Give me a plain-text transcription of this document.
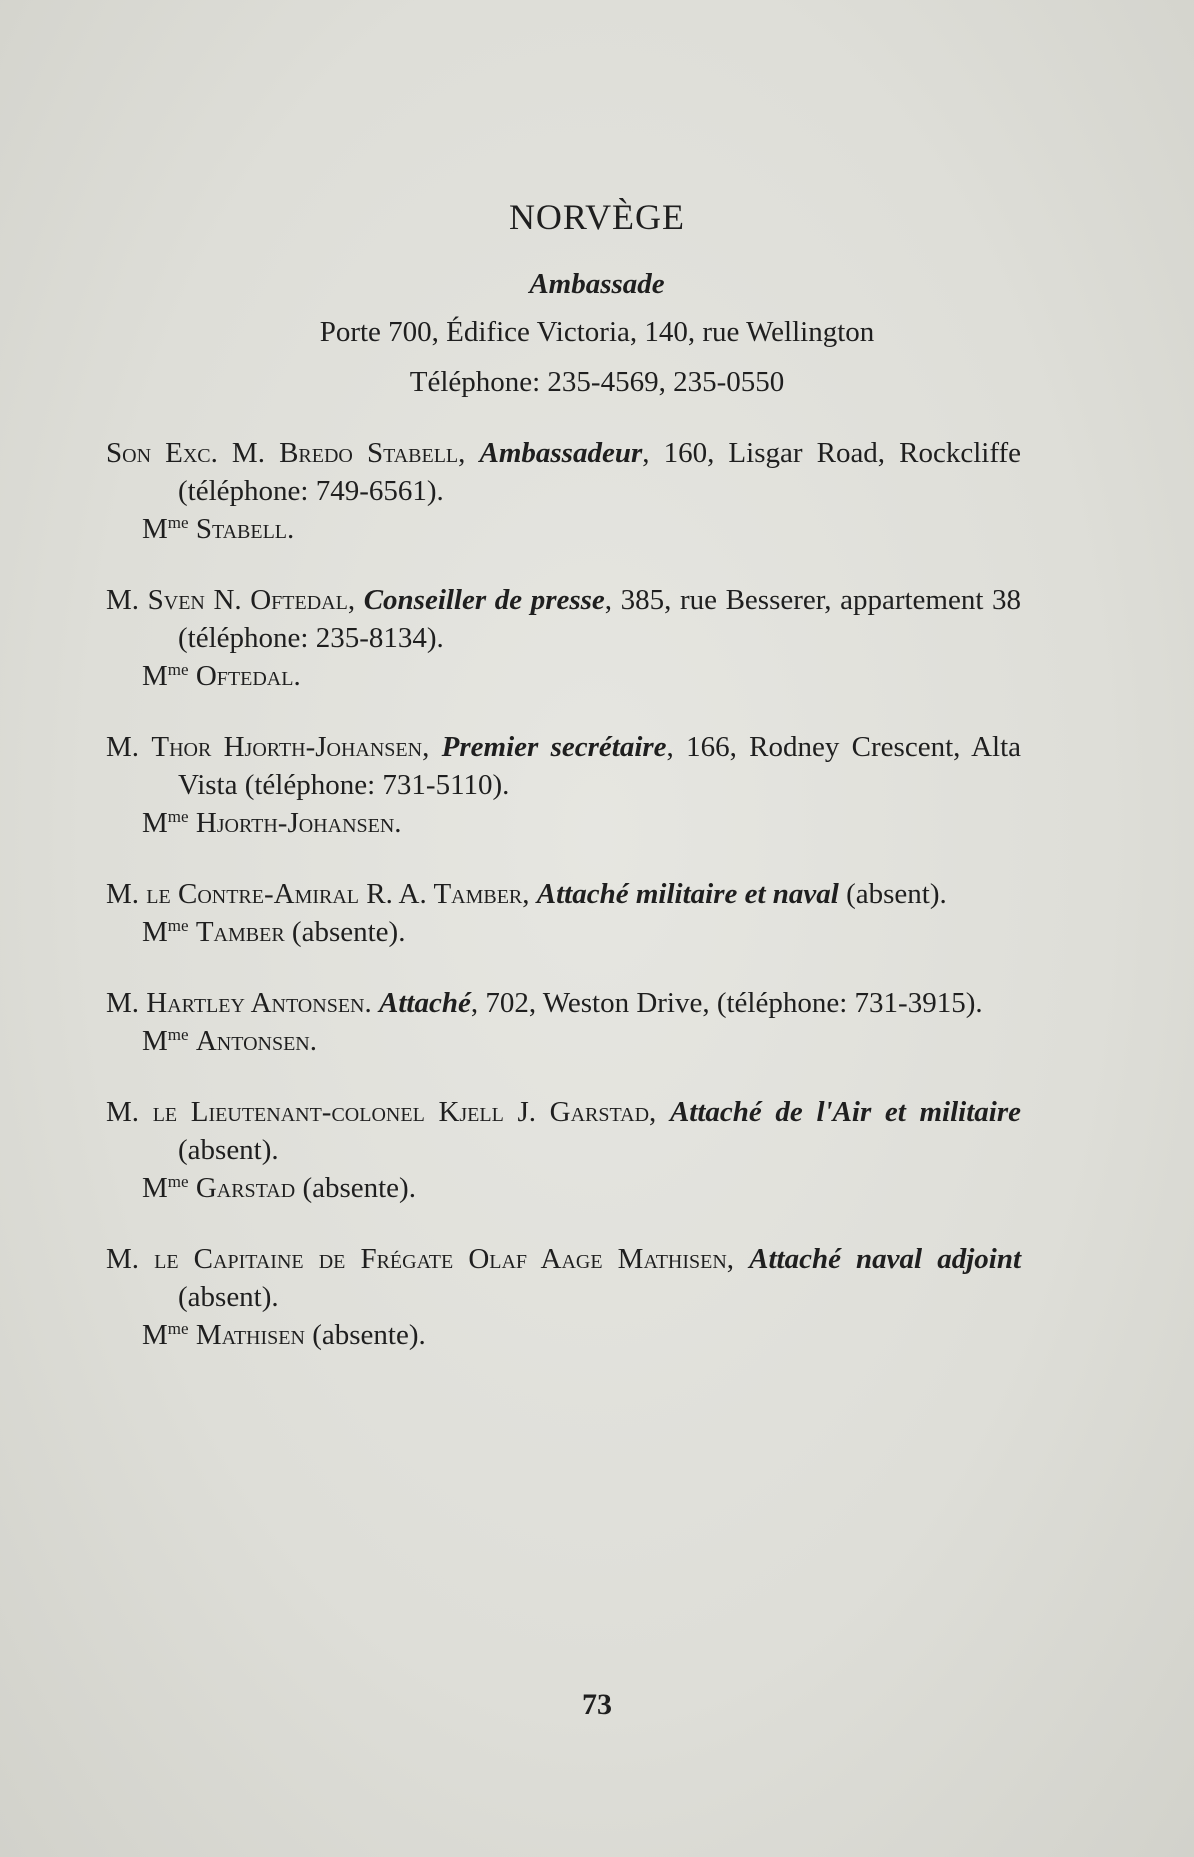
NORVÈGE
Ambassade
Porte 700, Édifice Victoria, 140, rue Wellington
Téléphone: 235-4569, 235-0550
Son Exc. M. Bredo Stabell, Ambassadeur, 160, Lisgar Road, Rockcliffe (téléphone: 749-6561).
$M^{me}$ Stabell.
M. Sven N. Oftedal, Conseiller de presse, 385, rue Besserer, appartement 38 (téléphone: 235-8134).
$M^{me}$ Oftedal.
M. Thor Hjorth-Johansen, Premier secrétaire, 166, Rodney Crescent, Alta Vista (téléphone: 731-5110).
$M^{me}$ Hjorth-Johansen.
M. le Contre-Amiral R. A. Tamber, Attaché militaire et naval (absent).
$M^{me}$ Tamber (absente).
M. Hartley Antonsen. Attaché, 702, Weston Drive, (téléphone: 731-3915).
$M^{me}$ Antonsen.
M. le Lieutenant-colonel Kjell J. Garstad, Attaché de l'Air et militaire (absent).
$M^{me}$ Garstad (absente).
M. le Capitaine de Frégate Olaf Aage Mathisen, Attaché naval adjoint (absent).
$M^{me}$ Mathisen (absente).
73
